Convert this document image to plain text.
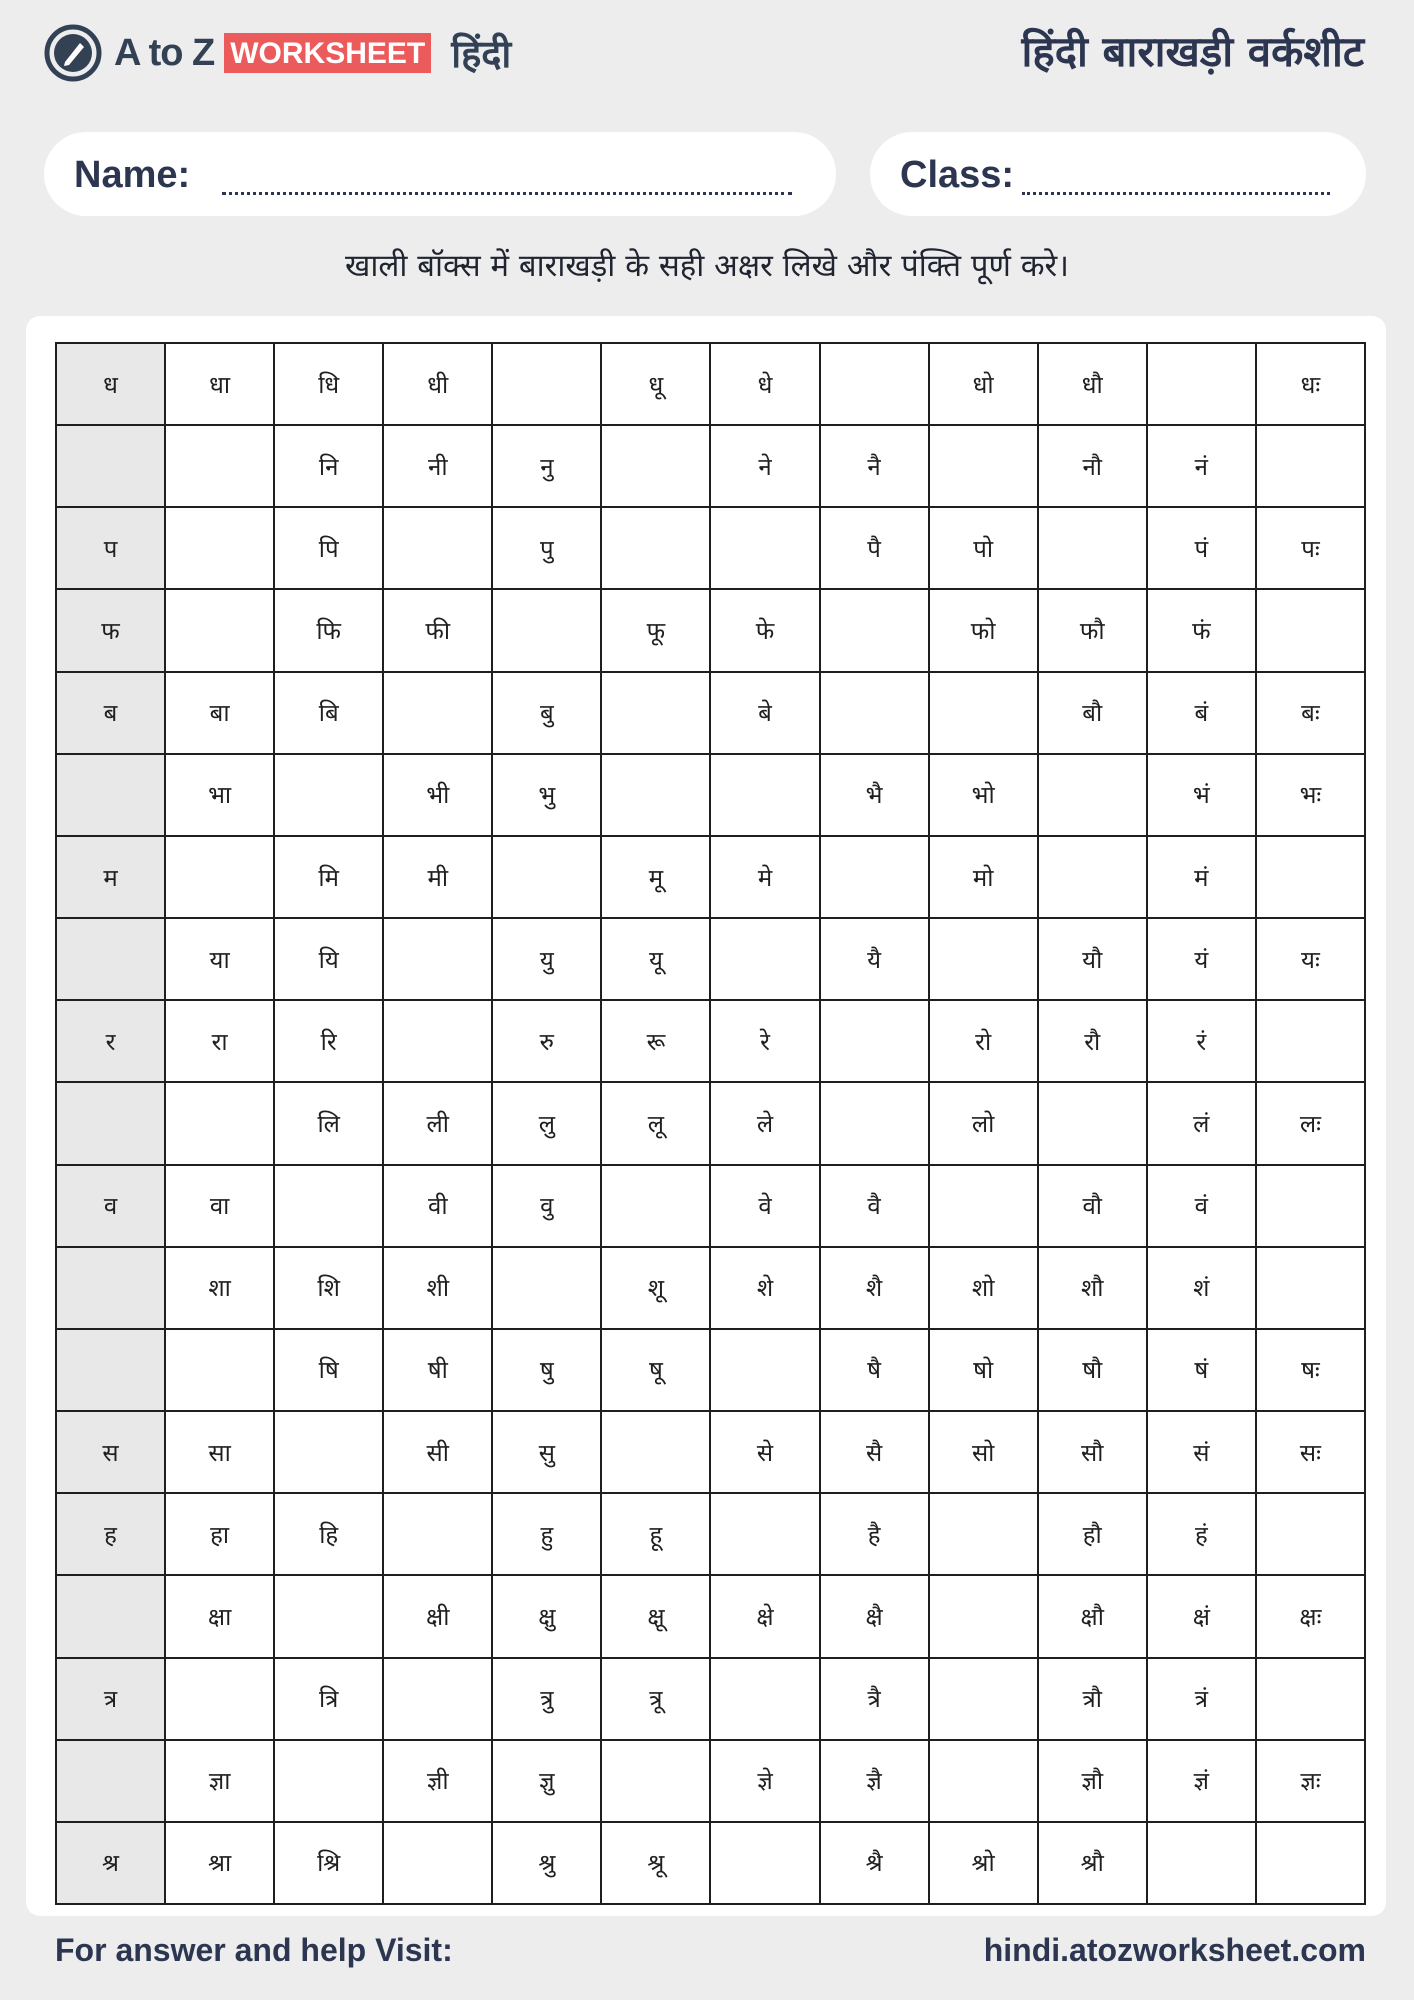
A to Z WORKSHEET हिंदी	हिंदी बाराखड़ी वर्कशीट
Name:	Class:
खाली बॉक्स में बाराखड़ी के सही अक्षर लिखे और पंक्ति पूर्ण करे।
ध	धा	धि	धी		धू	धे		धो	धौ		धः
		नि	नी	नु		ने	नै		नौ	नं	
प		पि		पु			पै	पो		पं	पः
फ		फि	फी		फू	फे		फो	फौ	फं	
ब	बा	बि		बु		बे			बौ	बं	बः
	भा		भी	भु			भै	भो		भं	भः
म		मि	मी		मू	मे		मो		मं	
	या	यि		यु	यू		यै		यौ	यं	यः
र	रा	रि		रु	रू	रे		रो	रौ	रं	
		लि	ली	लु	लू	ले		लो		लं	लः
व	वा		वी	वु		वे	वै		वौ	वं	
	शा	शि	शी		शू	शे	शै	शो	शौ	शं	
		षि	षी	षु	षू		षै	षो	षौ	षं	षः
स	सा		सी	सु		से	सै	सो	सौ	सं	सः
ह	हा	हि		हु	हू		है		हौ	हं	
	क्षा		क्षी	क्षु	क्षू	क्षे	क्षै		क्षौ	क्षं	क्षः
त्र		त्रि		त्रु	त्रू		त्रै		त्रौ	त्रं	
	ज्ञा		ज्ञी	ज्ञु		ज्ञे	ज्ञै		ज्ञौ	ज्ञं	ज्ञः
श्र	श्रा	श्रि		श्रु	श्रू		श्रै	श्रो	श्रौ		
For answer and help Visit:	hindi.atozworksheet.com
